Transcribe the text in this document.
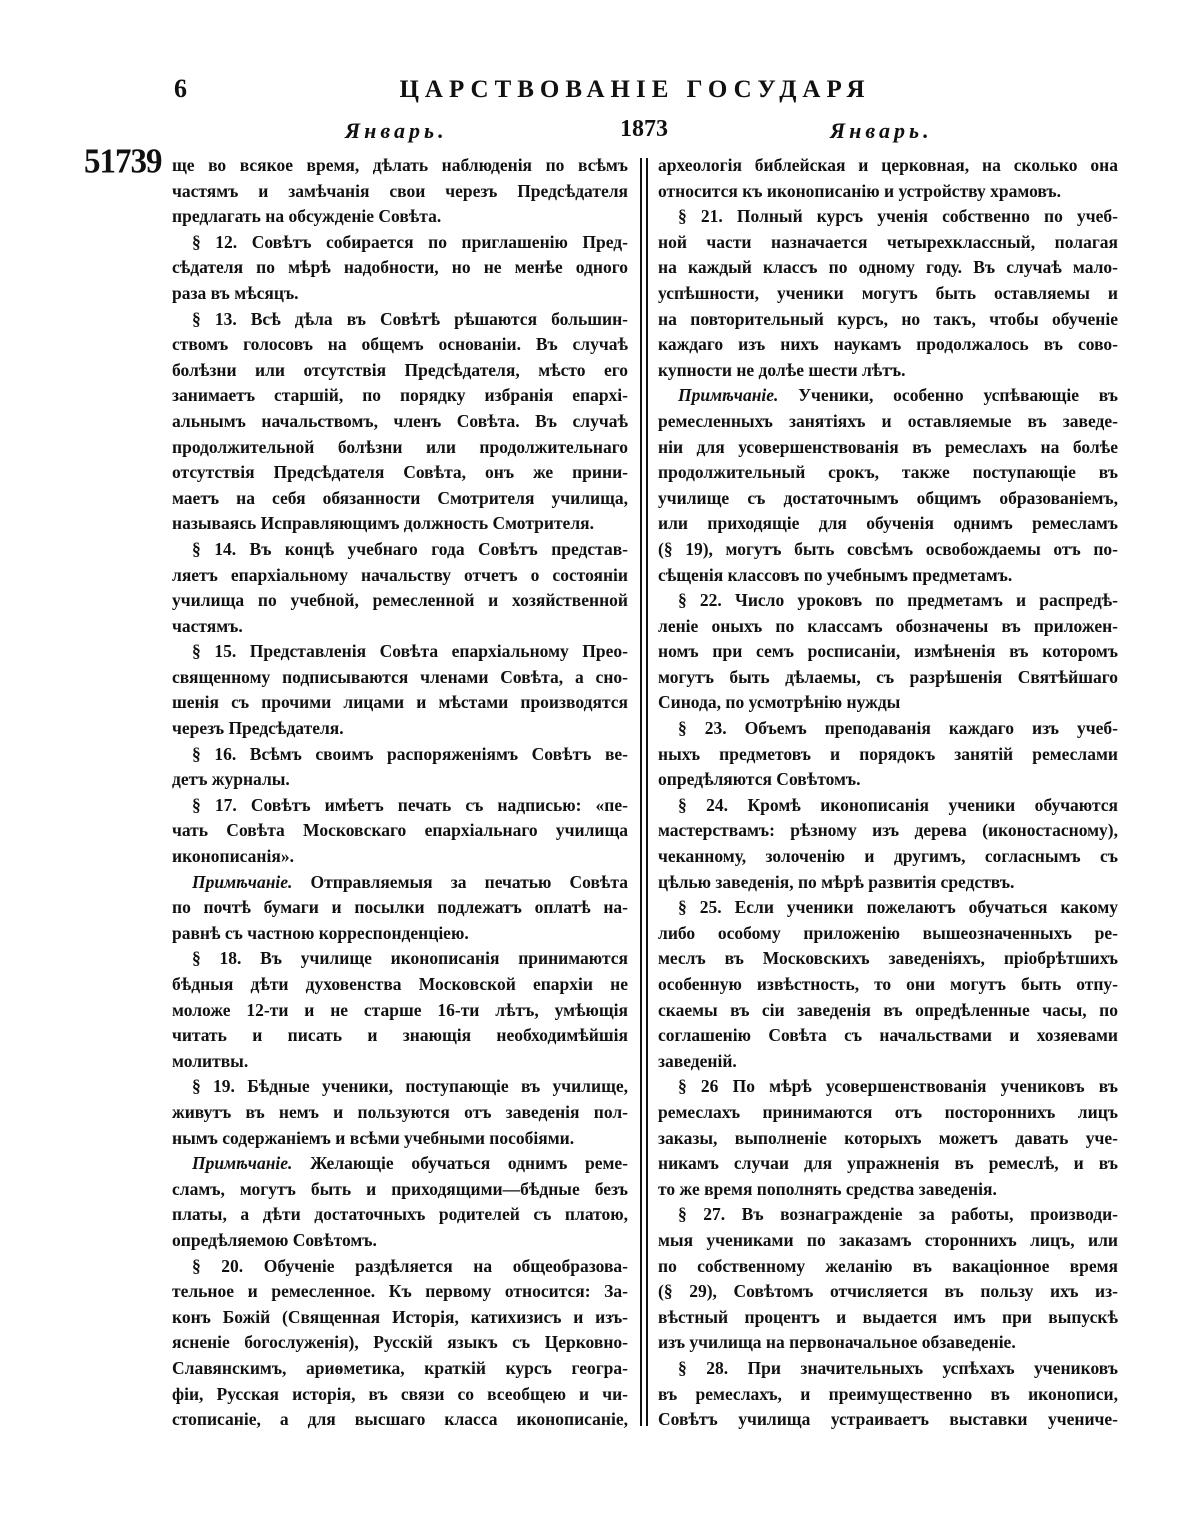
6	ЦАРСТВОВАНІЕ ГОСУДАРЯ
Январь.	1873	Январь.
51739 ще во всякое время, дѣлать наблюденія по всѣмъ
частямъ и замѣчанія свои черезъ Предсѣдателя
предлагать на обсужденіе Совѣта.
§ 12. Совѣтъ собирается по приглашенію Пред-
сѣдателя по мѣрѣ надобности, но не менѣе одного
раза въ мѣсяцъ.
§ 13. Всѣ дѣла въ Совѣтѣ рѣшаются большин-
ствомъ голосовъ на общемъ основаніи. Въ случаѣ
болѣзни или отсутствія Предсѣдателя, мѣсто его
занимаетъ старшій, по порядку избранія епархі-
альнымъ начальствомъ, членъ Совѣта. Въ случаѣ
продолжительной болѣзни или продолжительнаго
отсутствія Предсѣдателя Совѣта, онъ же прини-
маетъ на себя обязанности Смотрителя училища,
называясь Исправляющимъ должность Смотрителя.
§ 14. Въ концѣ учебнаго года Совѣтъ представ-
ляетъ епархіальному начальству отчетъ о состояніи
училища по учебной, ремесленной и хозяйственной
частямъ.
§ 15. Представленія Совѣта епархіальному Прео-
священному подписываются членами Совѣта, а сно-
шенія съ прочими лицами и мѣстами производятся
черезъ Предсѣдателя.
§ 16. Всѣмъ своимъ распоряженіямъ Совѣтъ ве-
детъ журналы.
§ 17. Совѣтъ имѣетъ печать съ надписью: «пе-
чать Совѣта Московскаго епархіальнаго училища
иконописанія».
Примѣчаніе. Отправляемыя за печатью Совѣта
по почтѣ бумаги и посылки подлежатъ оплатѣ на-
равнѣ съ частною корреспонденціею.
§ 18. Въ училище иконописанія принимаются
бѣдныя дѣти духовенства Московской епархіи не
моложе 12-ти и не старше 16-ти лѣтъ, умѣющія
читать и писать и знающія необходимѣйшія
молитвы.
§ 19. Бѣдные ученики, поступающіе въ училище,
живутъ въ немъ и пользуются отъ заведенія пол-
нымъ содержаніемъ и всѣми учебными пособіями.
Примѣчаніе. Желающіе обучаться однимъ реме-
сламъ, могутъ быть и приходящими—бѣдные безъ
платы, а дѣти достаточныхъ родителей съ платою,
опредѣляемою Совѣтомъ.
§ 20. Обученіе раздѣляется на общеобразова-
тельное и ремесленное. Къ первому относится: За-
конъ Божій (Священная Исторія, катихизисъ и изъ-
ясненіе богослуженія), Русскій языкъ съ Церковно-
Славянскимъ, ариѳметика, краткій курсъ геогра-
фіи, Русская исторія, въ связи со всеобщею и чи-
стописаніе, а для высшаго класса иконописаніе,
археологія библейская и церковная, на сколько она
относится къ иконописанію и устройству храмовъ.
§ 21. Полный курсъ ученія собственно по учеб-
ной части назначается четырехклассный, полагая
на каждый классъ по одному году. Въ случаѣ мало-
успѣшности, ученики могутъ быть оставляемы и
на повторительный курсъ, но такъ, чтобы обученіе
каждаго изъ нихъ наукамъ продолжалось въ сово-
купности не долѣе шести лѣтъ.
Примѣчаніе. Ученики, особенно успѣвающіе въ
ремесленныхъ занятіяхъ и оставляемые въ заведе-
ніи для усовершенствованія въ ремеслахъ на болѣе
продолжительный срокъ, также поступающіе въ
училище съ достаточнымъ общимъ образованіемъ,
или приходящіе для обученія однимъ ремесламъ
(§ 19), могутъ быть совсѣмъ освобождаемы отъ по-
сѣщенія классовъ по учебнымъ предметамъ.
§ 22. Число уроковъ по предметамъ и распредѣ-
леніе оныхъ по классамъ обозначены въ приложен-
номъ при семъ росписаніи, измѣненія въ которомъ
могутъ быть дѣлаемы, съ разрѣшенія Святѣйшаго
Синода, по усмотрѣнію нужды
§ 23. Объемъ преподаванія каждаго изъ учеб-
ныхъ предметовъ и порядокъ занятій ремеслами
опредѣляются Совѣтомъ.
§ 24. Кромѣ иконописанія ученики обучаются
мастерствамъ: рѣзному изъ дерева (иконостасному),
чеканному, золоченію и другимъ, согласнымъ съ
цѣлью заведенія, по мѣрѣ развитія средствъ.
§ 25. Если ученики пожелаютъ обучаться какому
либо особому приложенію вышеозначенныхъ ре-
меслъ въ Московскихъ заведеніяхъ, пріобрѣтшихъ
особенную извѣстность, то они могутъ быть отпу-
скаемы въ сіи заведенія въ опредѣленные часы, по
соглашенію Совѣта съ начальствами и хозяевами
заведеній.
§ 26 По мѣрѣ усовершенствованія учениковъ въ
ремеслахъ принимаются отъ постороннихъ лицъ
заказы, выполненіе которыхъ можетъ давать уче-
никамъ случаи для упражненія въ ремеслѣ, и въ
то же время пополнять средства заведенія.
§ 27. Въ вознагражденіе за работы, производи-
мыя учениками по заказамъ стороннихъ лицъ, или
по собственному желанію въ вакаціонное время
(§ 29), Совѣтомъ отчисляется въ пользу ихъ из-
вѣстный процентъ и выдается имъ при выпускѣ
изъ училища на первоначальное обзаведеніе.
§ 28. При значительныхъ успѣхахъ учениковъ
въ ремеслахъ, и преимущественно въ иконописи,
Совѣтъ училища устраиваетъ выставки учениче-
